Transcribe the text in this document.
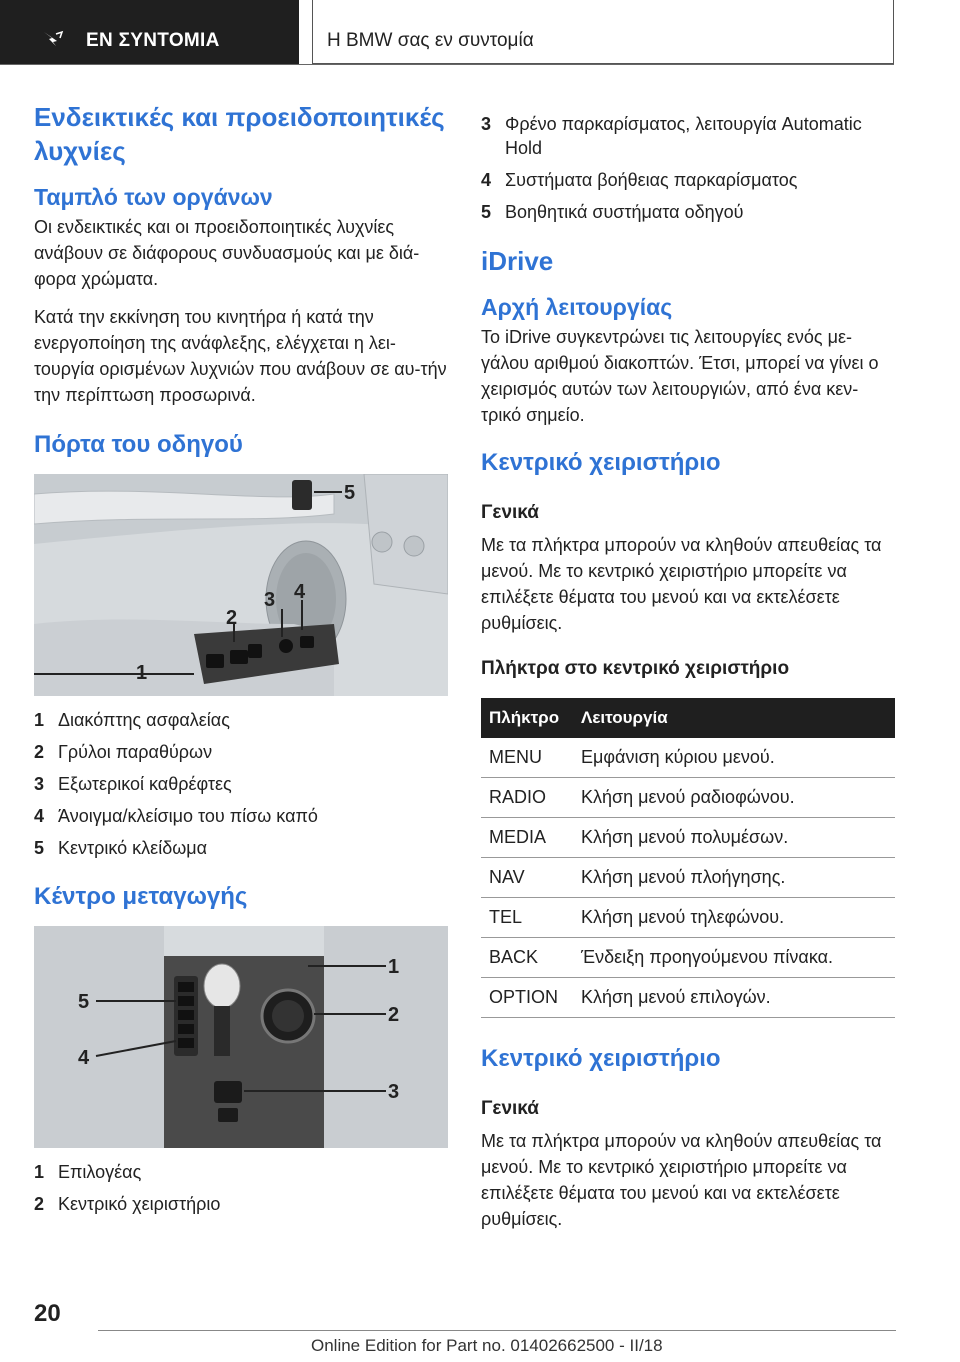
ΕΝ ΣΥΝΤΟΜΙΑ	Η BMW σας εν συντομία
Ενδεικτικές και προειδοποιητικές λυχνίες
Ταμπλό των οργάνων

Οι ενδεικτικές και οι προειδοποιητικές λυχνίες ανάβουν σε διάφορους συνδυασμούς και με διά-φορα χρώματα.

Κατά την εκκίνηση του κινητήρα ή κατά την ενεργοποίηση της ανάφλεξης, ελέγχεται η λει-τουργία ορισμένων λυχνιών που ανάβουν σε αυ-τήν την περίπτωση προσωρινά.

Πόρτα του οδηγού
1
2
3 4
5
1 Διακόπτης ασφαλείας
2 Γρύλοι παραθύρων
3 Εξωτερικοί καθρέφτες
4 Άνοιγμα/κλείσιμο του πίσω καπό
5 Κεντρικό κλείδωμα
Κέντρο μεταγωγής
1
2
3
4
5
1 Επιλογέας
2 Κεντρικό χειριστήριο
3 Φρένο παρκαρίσματος, λειτουργία Automatic Hold
4 Συστήματα βοήθειας παρκαρίσματος
5 Βοηθητικά συστήματα οδηγού
iDrive
Αρχή λειτουργίας

Το iDrive συγκεντρώνει τις λειτουργίες ενός με-γάλου αριθμού διακοπτών. Έτσι, μπορεί να γίνει ο χειρισμός αυτών των λειτουργιών, από ένα κεν-τρικό σημείο.

Κεντρικό χειριστήριο
Γενικά

Με τα πλήκτρα μπορούν να κληθούν απευθείας τα μενού. Με το κεντρικό χειριστήριο μπορείτε να επιλέξετε θέματα του μενού και να εκτελέσετε ρυθμίσεις.

Πλήκτρα στο κεντρικό χειριστήριο
Πλήκτρο	Λειτουργία
MENU	Εμφάνιση κύριου μενού.
RADIO	Κλήση μενού ραδιοφώνου.
MEDIA	Κλήση μενού πολυμέσων.
NAV	Κλήση μενού πλοήγησης.
TEL	Κλήση μενού τηλεφώνου.
BACK	Ένδειξη προηγούμενου πίνακα.
OPTION	Κλήση μενού επιλογών.
Κεντρικό χειριστήριο
Γενικά

Με τα πλήκτρα μπορούν να κληθούν απευθείας τα μενού. Με το κεντρικό χειριστήριο μπορείτε να επιλέξετε θέματα του μενού και να εκτελέσετε ρυθμίσεις.

20
Online Edition for Part no. 01402662500 - II/18
